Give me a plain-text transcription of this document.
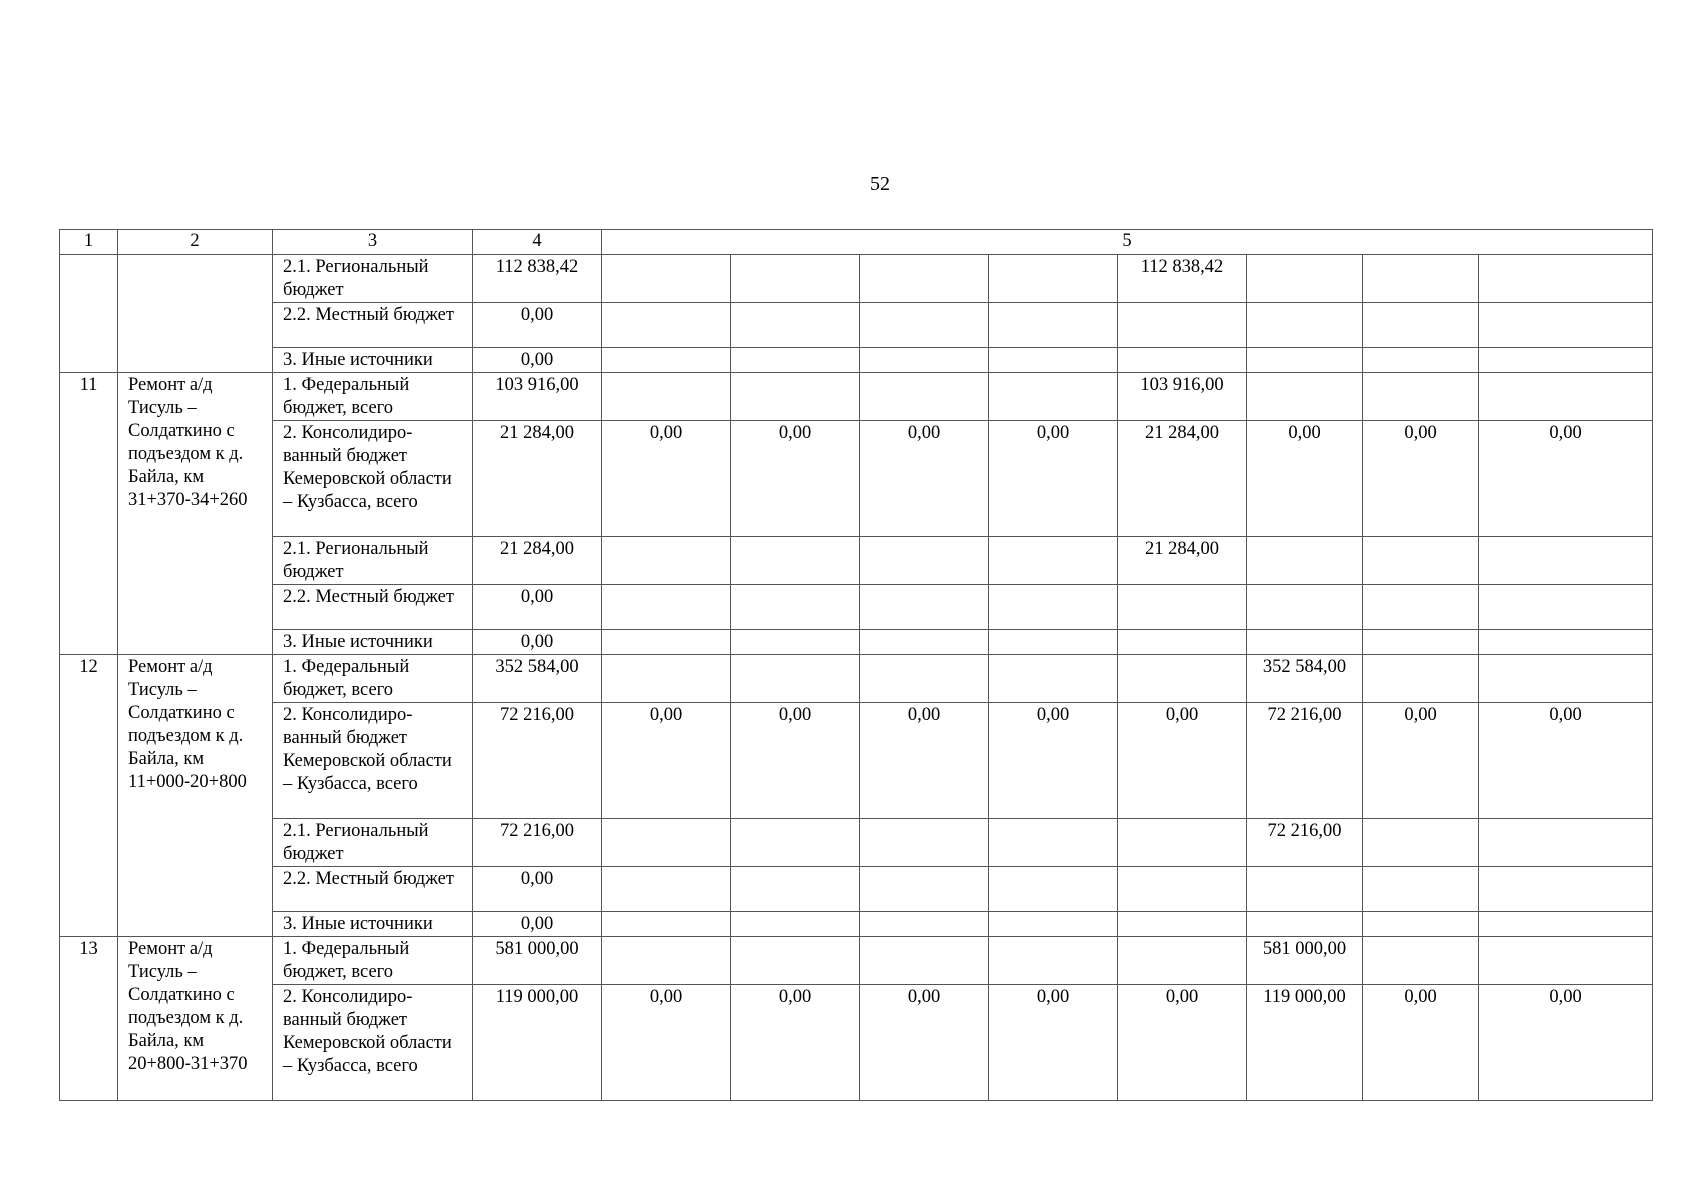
52
1	2	3	4	5							
		2.1. Региональный бюджет	112 838,42					112 838,42			
		2.2. Местный бюджет	0,00								
		3. Иные источники	0,00								
11	Ремонт а/д Тисуль – Солдаткино с подъездом к д. Байла, км 31+370-34+260	1. Федеральный бюджет, всего	103 916,00					103 916,00			
		2. Консолидиро-ванный бюджет Кемеровской области – Кузбасса, всего	21 284,00	0,00	0,00	0,00	0,00	21 284,00	0,00	0,00	0,00
		2.1. Региональный бюджет	21 284,00					21 284,00			
		2.2. Местный бюджет	0,00								
		3. Иные источники	0,00								
12	Ремонт а/д Тисуль – Солдаткино с подъездом к д. Байла, км 11+000-20+800	1. Федеральный бюджет, всего	352 584,00						352 584,00		
		2. Консолидиро-ванный бюджет Кемеровской области – Кузбасса, всего	72 216,00	0,00	0,00	0,00	0,00	0,00	72 216,00	0,00	0,00
		2.1. Региональный бюджет	72 216,00						72 216,00		
		2.2. Местный бюджет	0,00								
		3. Иные источники	0,00								
13	Ремонт а/д Тисуль – Солдаткино с подъездом к д. Байла, км 20+800-31+370	1. Федеральный бюджет, всего	581 000,00						581 000,00		
		2. Консолидиро-ванный бюджет Кемеровской области – Кузбасса, всего	119 000,00	0,00	0,00	0,00	0,00	0,00	119 000,00	0,00	0,00
